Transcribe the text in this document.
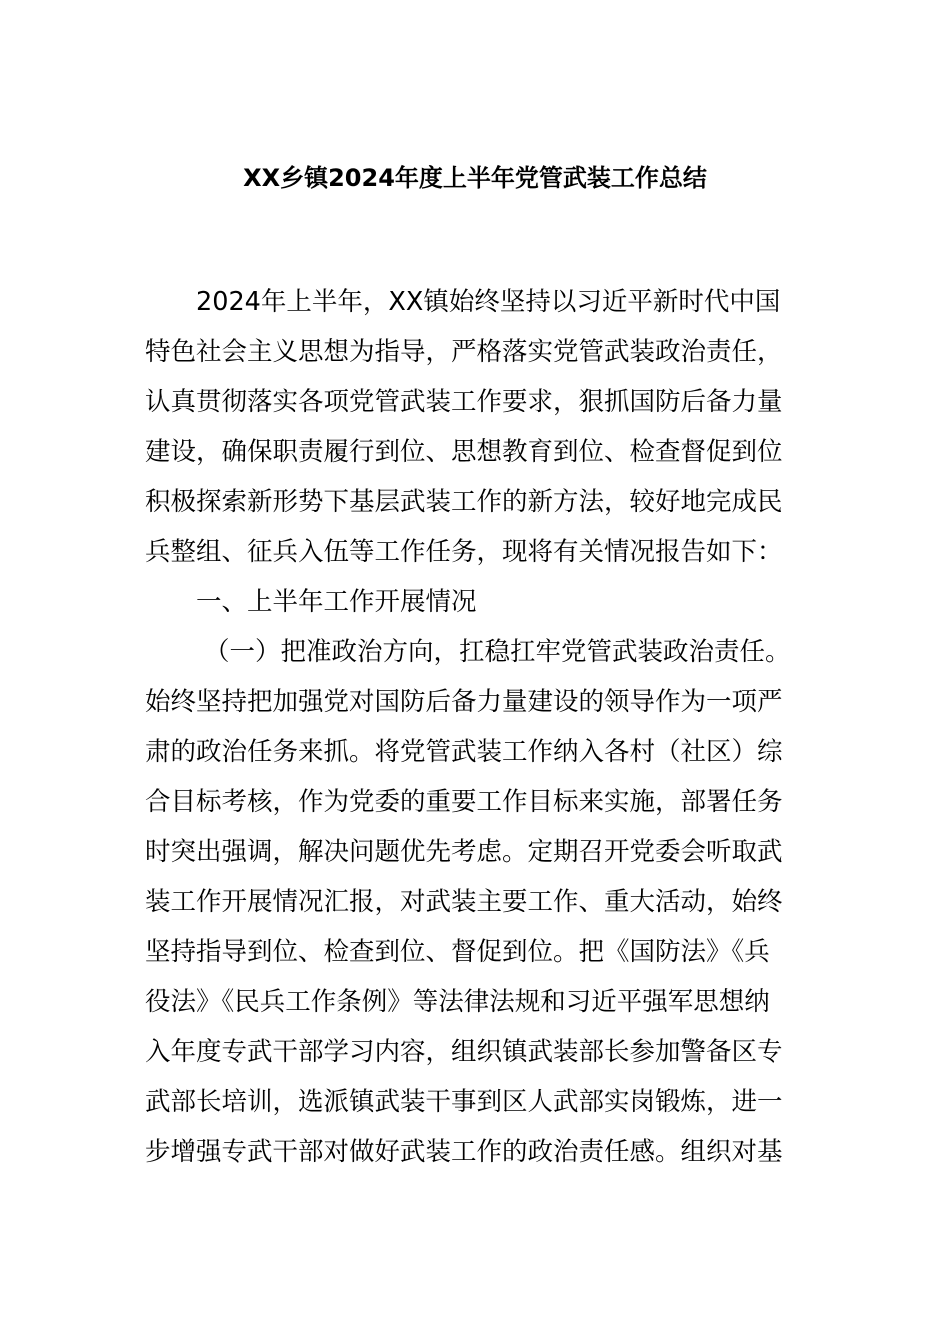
XX乡镇2024年度上半年党管武装工作总结
2024年上半年，XX镇始终坚持以习近平新时代中国
特色社会主义思想为指导，严格落实党管武装政治责任，
认真贯彻落实各项党管武装工作要求，狠抓国防后备力量
建设，确保职责履行到位、思想教育到位、检查督促到位
积极探索新形势下基层武装工作的新方法，较好地完成民
兵整组、征兵入伍等工作任务，现将有关情况报告如下：
一、上半年工作开展情况
（一）把准政治方向，扛稳扛牢党管武装政治责任。
始终坚持把加强党对国防后备力量建设的领导作为一项严
肃的政治任务来抓。将党管武装工作纳入各村（社区）综
合目标考核，作为党委的重要工作目标来实施，部署任务
时突出强调，解决问题优先考虑。定期召开党委会听取武
装工作开展情况汇报，对武装主要工作、重大活动，始终
坚持指导到位、检查到位、督促到位。把《国防法》《兵
役法》《民兵工作条例》等法律法规和习近平强军思想纳
入年度专武干部学习内容，组织镇武装部长参加警备区专
武部长培训，选派镇武装干事到区人武部实岗锻炼，进一
步增强专武干部对做好武装工作的政治责任感。组织对基
